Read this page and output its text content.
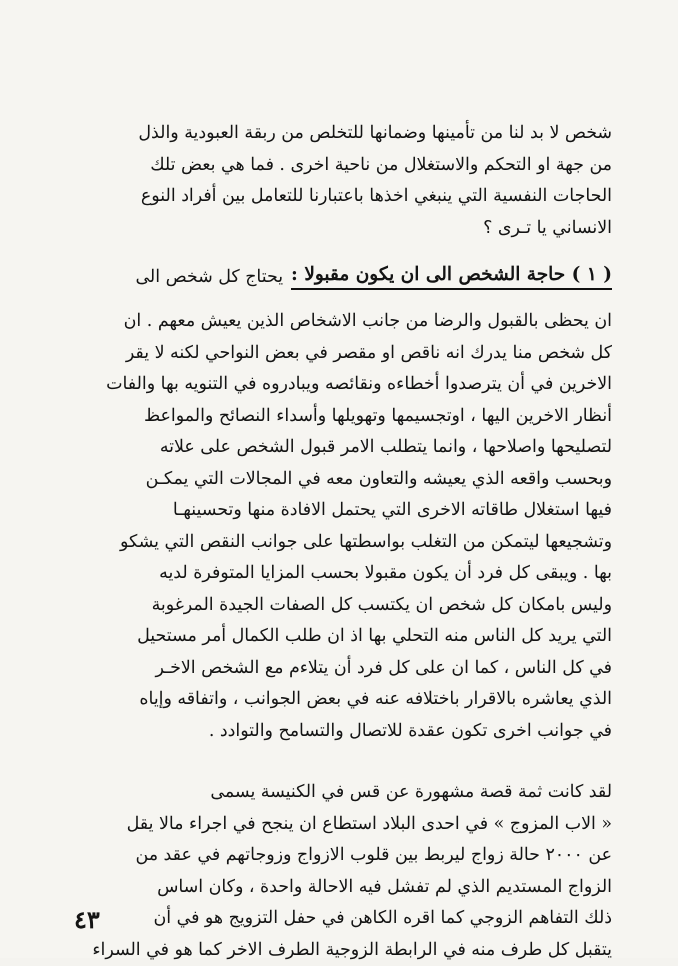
شخص لا بد لنا من تأمينها وضمانها للتخلص من ربقة العبودية والذل
من جهة او التحكم والاستغلال من ناحية اخرى . فما هي بعض تلك
الحاجات النفسية التي ينبغي اخذها باعتبارنا للتعامل بين أفراد النوع
الانساني يا تـرى ؟

( ١ ) حاجة الشخص الى ان يكون مقبولا :
يحتاج كل شخص الى

ان يحظى بالقبول والرضا من جانب الاشخاص الذين يعيش معهم . ان
كل شخص منا يدرك انه ناقص او مقصر في بعض النواحي لكنه لا يقر
الاخرين في أن يترصدوا أخطاءه ونقائصه ويبادروه في التنويه بها والفات
أنظار الاخرين اليها ، اوتجسيمها وتهويلها وأسداء النصائح والمواعظ
لتصليحها واصلاحها ، وانما يتطلب الامر قبول الشخص على علاته
وبحسب واقعه الذي يعيشه والتعاون معه في المجالات التي يمكـن
فيها استغلال طاقاته الاخرى التي يحتمل الافادة منها وتحسينهـا
وتشجيعها ليتمكن من التغلب بواسطتها على جوانب النقص التي يشكو
بها . ويبقى كل فرد أن يكون مقبولا بحسب المزايا المتوفرة لديه
وليس بامكان كل شخص ان يكتسب كل الصفات الجيدة المرغوبة
التي يريد كل الناس منه التحلي بها اذ ان طلب الكمال أمر مستحيل
في كل الناس ، كما ان على كل فرد أن يتلاءم مع الشخص الاخـر
الذي يعاشره بالاقرار باختلافه عنه في بعض الجوانب ، واتفاقه وإياه
في جوانب اخرى تكون عقدة للاتصال والتسامح والتوادد .

لقد كانت ثمة قصة مشهورة عن قس في الكنيسة يسمى
« الاب المزوج » في احدى البلاد استطاع ان ينجح في اجراء مالا يقل
عن ٢٠٠٠ حالة زواج ليربط بين قلوب الازواج وزوجاتهم في عقد من
الزواج المستديم الذي لم تفشل فيه الاحالة واحدة ، وكان اساس
ذلك التفاهم الزوجي كما اقره الكاهن في حفل التزويج هو في أن
يتقبل كل طرف منه في الرابطة الزوجية الطرف الاخر كما هو في السراء

٤٣
